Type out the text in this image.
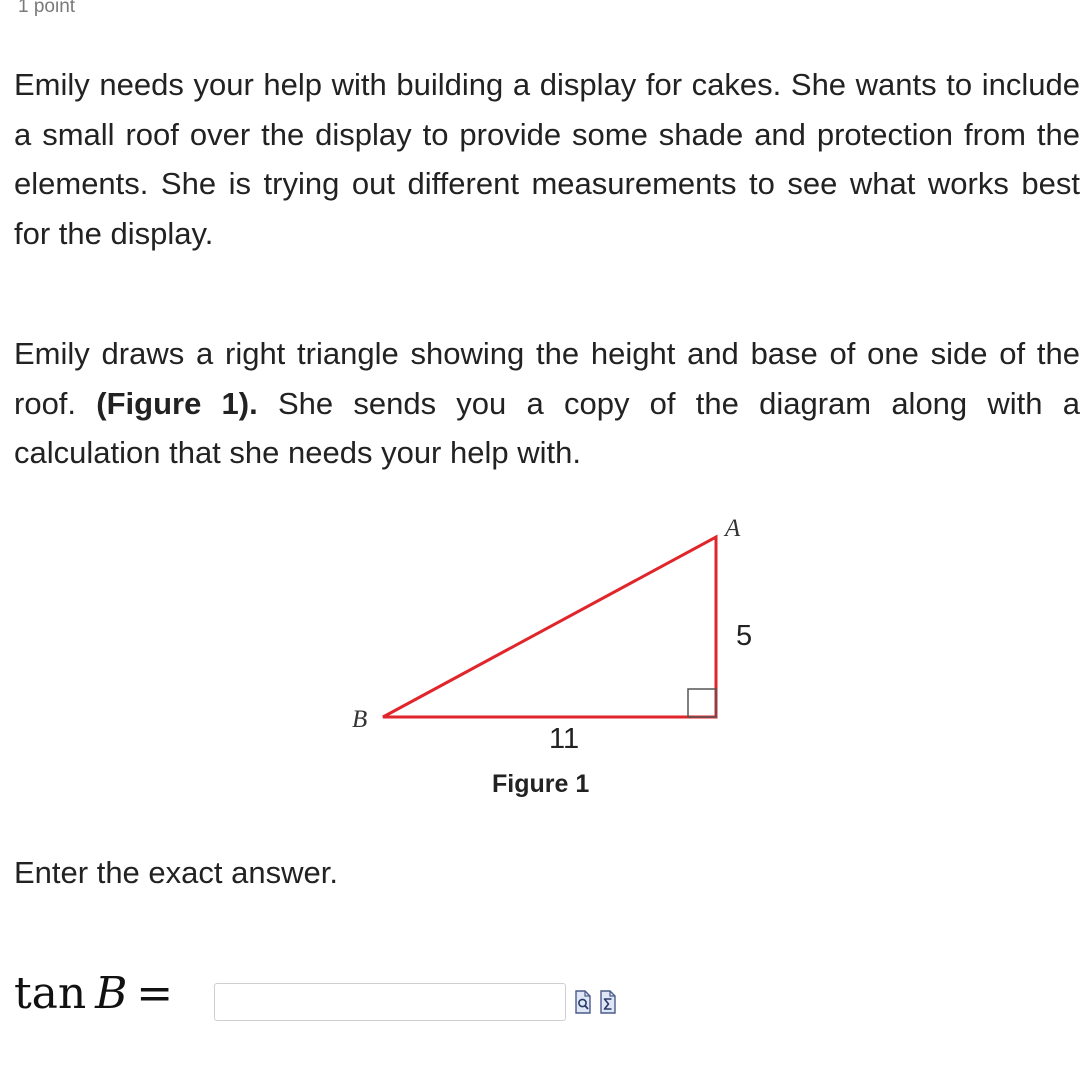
1 point

Emily needs your help with building a display for cakes. She wants to include a small roof over the display to provide some shade and protection from the elements. She is trying out different measurements to see what works best for the display.

Emily draws a right triangle showing the height and base of one side of the roof. (Figure 1). She sends you a copy of the diagram along with a calculation that she needs your help with.

A
B
5
11
Figure 1

Enter the exact answer.

tan  B  =
